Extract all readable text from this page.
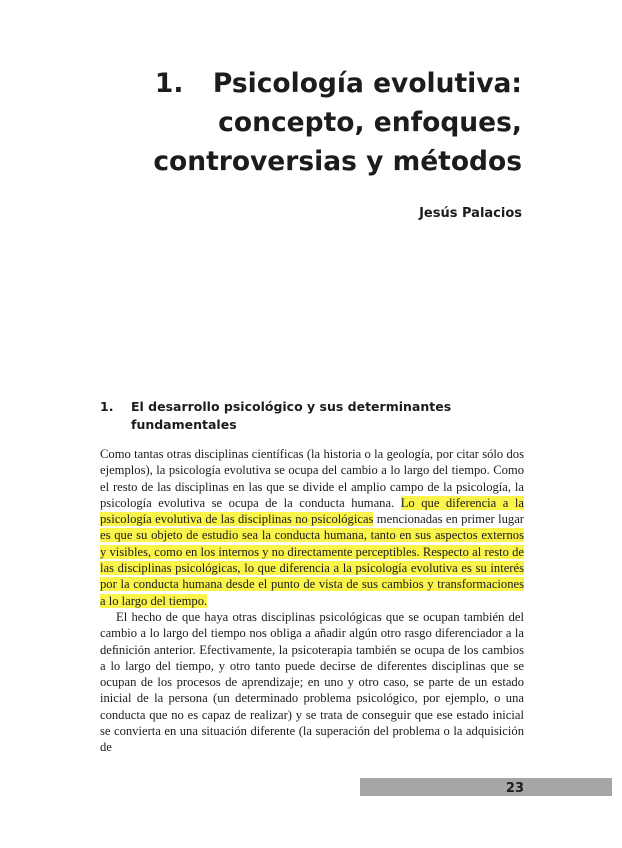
1. Psicología evolutiva:
concepto, enfoques,
controversias y métodos
Jesús Palacios
1. El desarrollo psicológico y sus determinantes fundamentales

Como tantas otras disciplinas científicas (la historia o la geología, por citar sólo dos ejemplos), la psicología evolutiva se ocupa del cambio a lo largo del tiempo. Como el resto de las disciplinas en las que se divide el amplio campo de la psicología, la psicología evolutiva se ocupa de la conducta humana. Lo que diferencia a la psicología evolutiva de las disciplinas no psicológicas mencionadas en primer lugar es que su objeto de estudio sea la conducta humana, tanto en sus aspectos externos y visibles, como en los internos y no directamente perceptibles. Respecto al resto de las disciplinas psicológicas, lo que diferencia a la psicología evolutiva es su interés por la conducta humana desde el punto de vista de sus cambios y transformaciones a lo largo del tiempo.

El hecho de que haya otras disciplinas psicológicas que se ocupan también del cambio a lo largo del tiempo nos obliga a añadir algún otro rasgo diferenciador a la deﬁnición anterior. Efectivamente, la psicoterapia también se ocupa de los cambios a lo largo del tiempo, y otro tanto puede decirse de diferentes disciplinas que se ocupan de los procesos de aprendizaje; en uno y otro caso, se parte de un estado inicial de la persona (un determinado problema psicológico, por ejemplo, o una conducta que no es capaz de realizar) y se trata de conseguir que ese estado inicial se convierta en una situación diferente (la superación del problema o la adquisición de

23
